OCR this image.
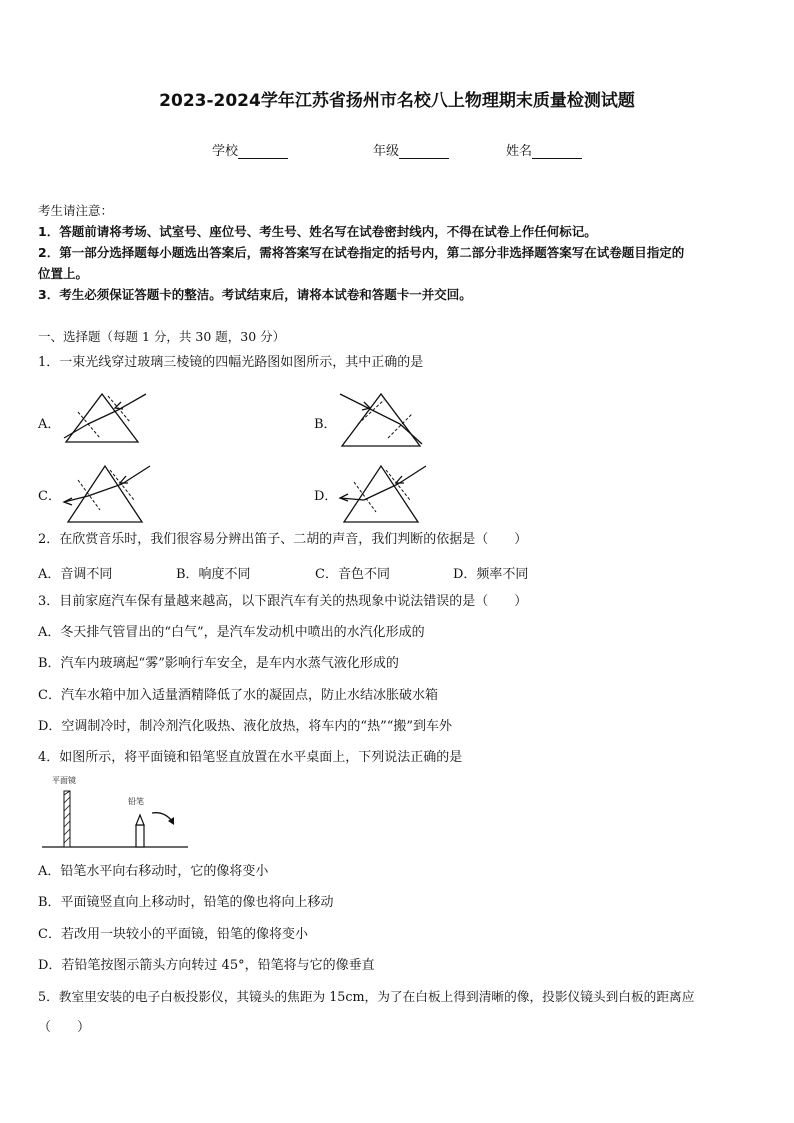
2023-2024学年江苏省扬州市名校八上物理期末质量检测试题
学校	年级	姓名
考生请注意：
1．答题前请将考场、试室号、座位号、考生号、姓名写在试卷密封线内，不得在试卷上作任何标记。
2．第一部分选择题每小题选出答案后，需将答案写在试卷指定的括号内，第二部分非选择题答案写在试卷题目指定的
位置上。
3．考生必须保证答题卡的整洁。考试结束后，请将本试卷和答题卡一并交回。
一、选择题（每题 1 分，共 30 题，30 分）
1．一束光线穿过玻璃三棱镜的四幅光路图如图所示，其中正确的是
A．	B．
C．	D．
2．在欣赏音乐时，我们很容易分辨出笛子、二胡的声音，我们判断的依据是（　　）
A．音调不同	B．响度不同	C．音色不同	D．频率不同
3．目前家庭汽车保有量越来越高，以下跟汽车有关的热现象中说法错误的是（　　）
A．冬天排气管冒出的“白气”，是汽车发动机中喷出的水汽化形成的
B．汽车内玻璃起“雾”影响行车安全，是车内水蒸气液化形成的
C．汽车水箱中加入适量酒精降低了水的凝固点，防止水结冰胀破水箱
D．空调制冷时，制冷剂汽化吸热、液化放热，将车内的“热”“搬”到车外
4．如图所示，将平面镜和铅笔竖直放置在水平桌面上，下列说法正确的是
平面镜
铅笔
A．铅笔水平向右移动时，它的像将变小
B．平面镜竖直向上移动时，铅笔的像也将向上移动
C．若改用一块较小的平面镜，铅笔的像将变小
D．若铅笔按图示箭头方向转过 45°，铅笔将与它的像垂直
5．教室里安装的电子白板投影仪，其镜头的焦距为 15cm，为了在白板上得到清晰的像，投影仪镜头到白板的距离应
（　　）
